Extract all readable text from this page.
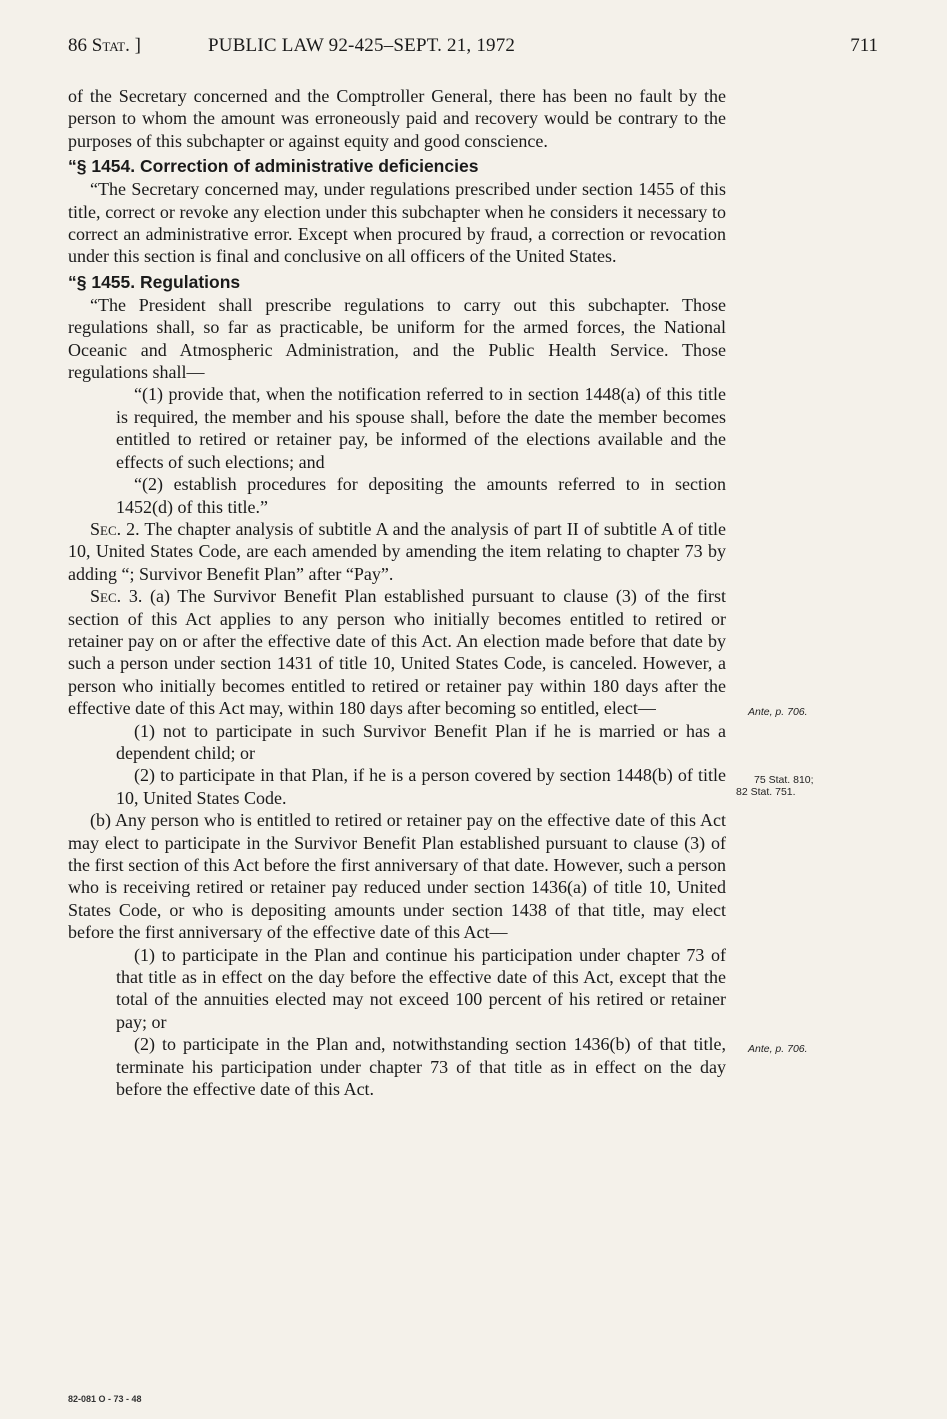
86 Stat. ]	PUBLIC LAW 92-425–SEPT. 21, 1972	711

of the Secretary concerned and the Comptroller General, there has been no fault by the person to whom the amount was erroneously paid and recovery would be contrary to the purposes of this subchapter or against equity and good conscience.

“§ 1454. Correction of administrative deficiencies

“The Secretary concerned may, under regulations prescribed under section 1455 of this title, correct or revoke any election under this subchapter when he considers it necessary to correct an administrative error. Except when procured by fraud, a correction or revocation under this section is final and conclusive on all officers of the United States.

“§ 1455. Regulations

“The President shall prescribe regulations to carry out this subchapter. Those regulations shall, so far as practicable, be uniform for the armed forces, the National Oceanic and Atmospheric Administration, and the Public Health Service. Those regulations shall—

“(1) provide that, when the notification referred to in section 1448(a) of this title is required, the member and his spouse shall, before the date the member becomes entitled to retired or retainer pay, be informed of the elections available and the effects of such elections; and

“(2) establish procedures for depositing the amounts referred to in section 1452(d) of this title.”

Sec. 2. The chapter analysis of subtitle A and the analysis of part II of subtitle A of title 10, United States Code, are each amended by amending the item relating to chapter 73 by adding “; Survivor Benefit Plan” after “Pay”.

Sec. 3. (a) The Survivor Benefit Plan established pursuant to clause (3) of the first section of this Act applies to any person who initially becomes entitled to retired or retainer pay on or after the effective date of this Act. An election made before that date by such a person under section 1431 of title 10, United States Code, is canceled. However, a person who initially becomes entitled to retired or retainer pay within 180 days after the effective date of this Act may, within 180 days after becoming so entitled, elect—

(1) not to participate in such Survivor Benefit Plan if he is married or has a dependent child; or

(2) to participate in that Plan, if he is a person covered by section 1448(b) of title 10, United States Code.

(b) Any person who is entitled to retired or retainer pay on the effective date of this Act may elect to participate in the Survivor Benefit Plan established pursuant to clause (3) of the first section of this Act before the first anniversary of that date. However, such a person who is receiving retired or retainer pay reduced under section 1436(a) of title 10, United States Code, or who is depositing amounts under section 1438 of that title, may elect before the first anniversary of the effective date of this Act—

(1) to participate in the Plan and continue his participation under chapter 73 of that title as in effect on the day before the effective date of this Act, except that the total of the annuities elected may not exceed 100 percent of his retired or retainer pay; or

(2) to participate in the Plan and, notwithstanding section 1436(b) of that title, terminate his participation under chapter 73 of that title as in effect on the day before the effective date of this Act.

Ante, p. 706.
75 Stat. 810;
82 Stat. 751.
Ante, p. 706.
82-081 O - 73 - 48
